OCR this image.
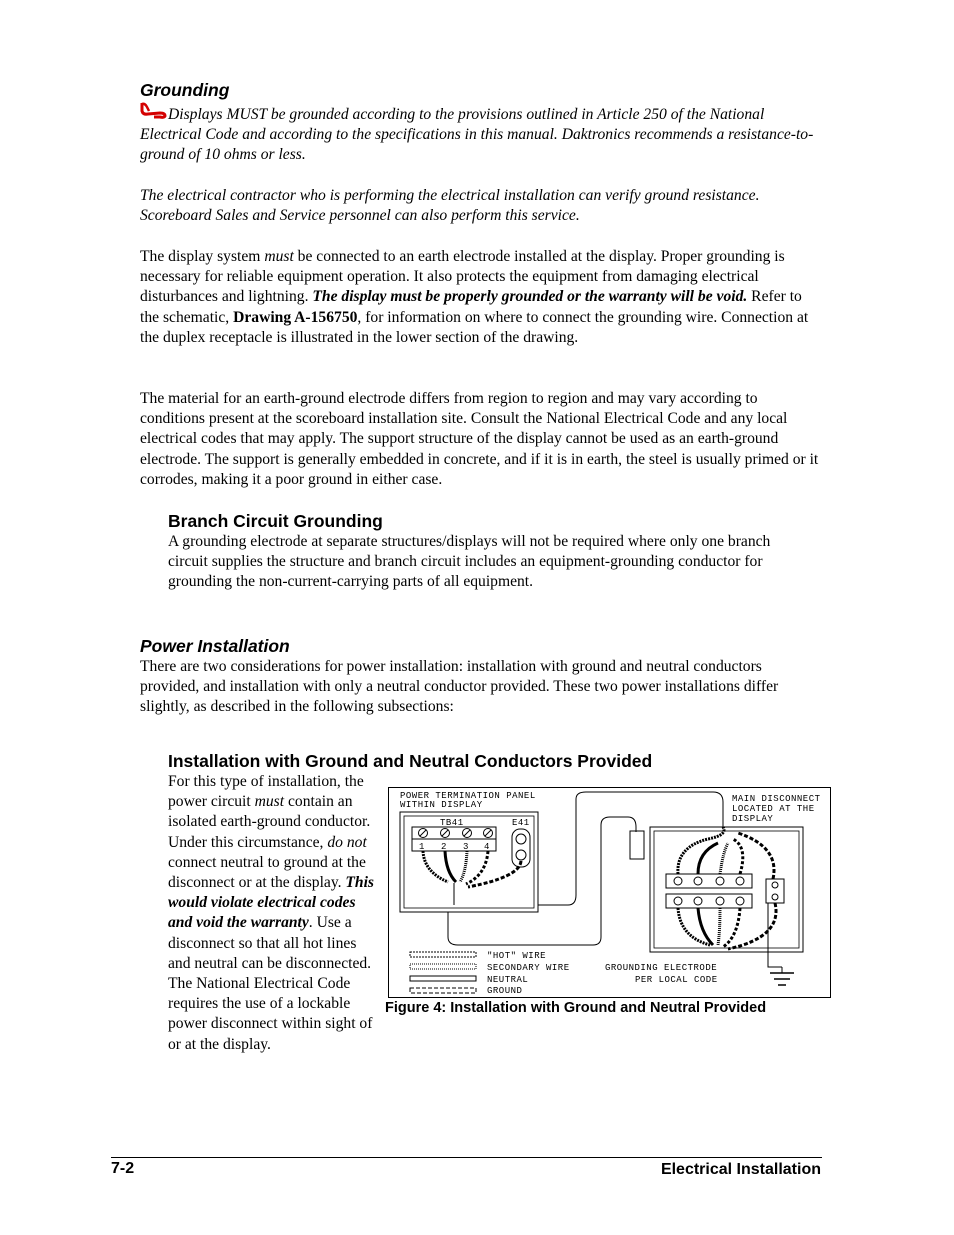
Grounding

Displays MUST be grounded according to the provisions outlined in Article 250 of the National Electrical Code and according to the specifications in this manual. Daktronics recommends a resistance-to-ground of 10 ohms or less.

The electrical contractor who is performing the electrical installation can verify ground resistance. Scoreboard Sales and Service personnel can also perform this service.

The display system must be connected to an earth electrode installed at the display. Proper grounding is necessary for reliable equipment operation. It also protects the equipment from damaging electrical disturbances and lightning. The display must be properly grounded or the warranty will be void. Refer to the schematic, Drawing A-156750, for information on where to connect the grounding wire. Connection at the duplex receptacle is illustrated in the lower section of the drawing.

The material for an earth-ground electrode differs from region to region and may vary according to conditions present at the scoreboard installation site. Consult the National Electrical Code and any local electrical codes that may apply. The support structure of the display cannot be used as an earth-ground electrode. The support is generally embedded in concrete, and if it is in earth, the steel is usually primed or it corrodes, making it a poor ground in either case.

Branch Circuit Grounding

A grounding electrode at separate structures/displays will not be required where only one branch circuit supplies the structure and branch circuit includes an equipment-grounding conductor for grounding the non-current-carrying parts of all equipment.

Power Installation

There are two considerations for power installation: installation with ground and neutral conductors provided, and installation with only a neutral conductor provided. These two power installations differ slightly, as described in the following subsections:

Installation with Ground and Neutral Conductors Provided

For this type of installation, the power circuit must contain an isolated earth-ground conductor. Under this circumstance, do not connect neutral to ground at the disconnect or at the display. This would violate electrical codes and void the warranty. Use a disconnect so that all hot lines and neutral can be disconnected. The National Electrical Code requires the use of a lockable power disconnect within sight of or at the display.

POWER TERMINATION PANEL
WITHIN DISPLAY
TB41	E41
1 2 3 4
MAIN DISCONNECT
LOCATED AT THE
DISPLAY
"HOT" WIRE
SECONDARY WIRE
NEUTRAL
GROUND
GROUNDING ELECTRODE
PER LOCAL CODE
Figure 4: Installation with Ground and Neutral Provided
7-2	Electrical Installation
